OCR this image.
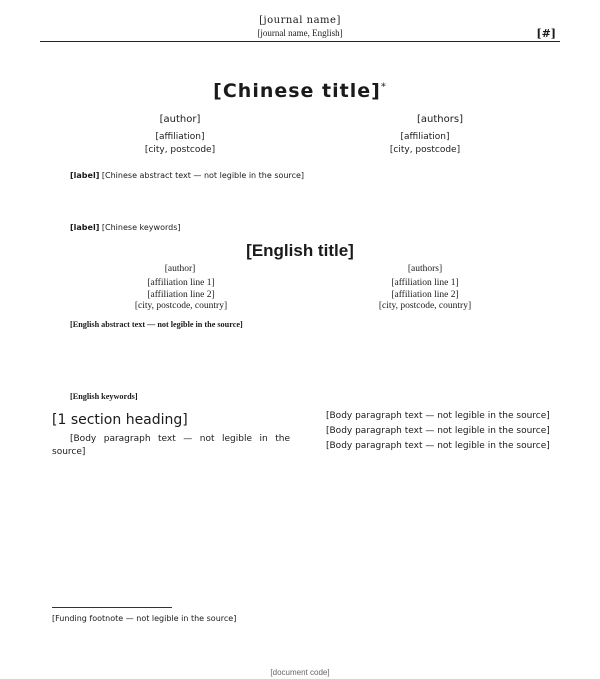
[journal name]
[journal name, English]	[#]
[Chinese title]*
[author]	[authors]
[affiliation]
[city, postcode]
[affiliation]
[city, postcode]
[label] [Chinese abstract text — not legible in the source]
[label] [Chinese keywords]
[English title]
[author]	[authors]
[affiliation line 1]
[affiliation line 2]
[city, postcode, country]
[affiliation line 1]
[affiliation line 2]
[city, postcode, country]
[English abstract text — not legible in the source]
[English keywords]
[1 section heading]

[Body paragraph text — not legible in the source]

[Body paragraph text — not legible in the source]

[Body paragraph text — not legible in the source]

[Body paragraph text — not legible in the source]

[Funding footnote — not legible in the source]
[document code]
